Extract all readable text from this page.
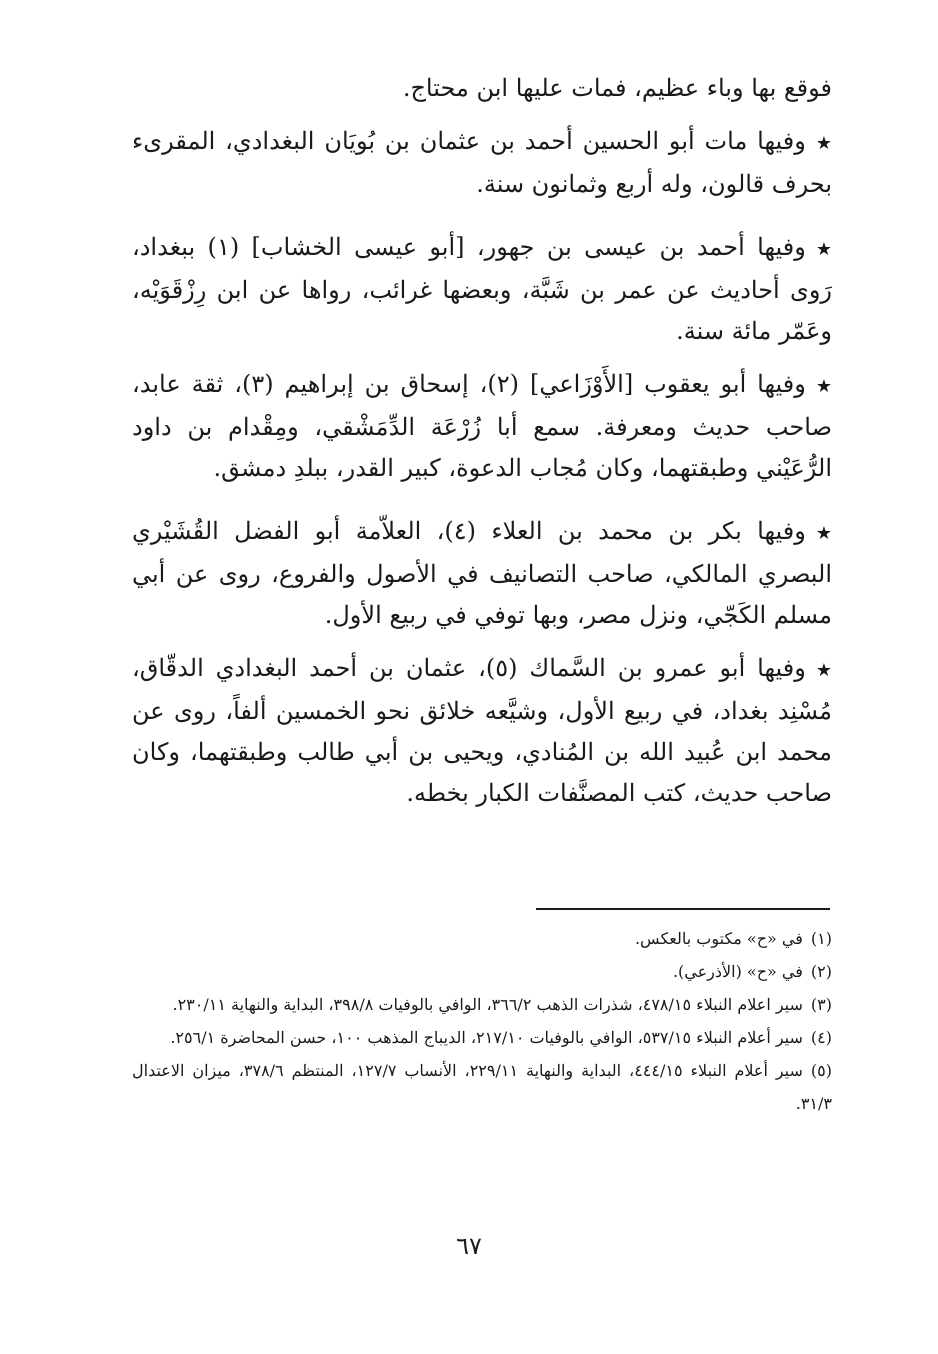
فوقع بها وباء عظيم، فمات عليها ابن محتاج.

★وفيها مات أبو الحسين أحمد بن عثمان بن بُويَان البغدادي، المقرىء بحرف قالون، وله أربع وثمانون سنة.

★وفيها أحمد بن عيسى بن جهور، [أبو عيسى الخشاب] (١) ببغداد، رَوى أحاديث عن عمر بن شَبَّة، وبعضها غرائب، رواها عن ابن رِزْقَوَيْه، وعَمّر مائة سنة.

★وفيها أبو يعقوب [الأَوْزَاعي] (٢)، إسحاق بن إبراهيم (٣)، ثقة عابد، صاحب حديث ومعرفة. سمع أبا زُرْعَة الدِّمَشْقي، ومِقْدام بن داود الرُّعَيْني وطبقتهما، وكان مُجاب الدعوة، كبير القدر، ببلدِ دمشق.

★وفيها بكر بن محمد بن العلاء (٤)، العلاّمة أبو الفضل القُشَيْري البصري المالكي، صاحب التصانيف في الأصول والفروع، روى عن أبي مسلم الكَجّي، ونزل مصر، وبها توفي في ربيع الأول.

★وفيها أبو عمرو بن السَّماك (٥)، عثمان بن أحمد البغدادي الدقّاق، مُسْنِد بغداد، في ربيع الأول، وشيَّعه خلائق نحو الخمسين ألفاً، روى عن محمد ابن عُبيد الله بن المُنادي، ويحيى بن أبي طالب وطبقتهما، وكان صاحب حديث، كتب المصنَّفات الكبار بخطه.

(١)في «ح» مكتوب بالعكس.

(٢)في «ح» (الأذرعي).

(٣)سير اعلام النبلاء ٤٧٨/١٥، شذرات الذهب ٣٦٦/٢، الوافي بالوفيات ٣٩٨/٨، البداية والنهاية ٢٣٠/١١.

(٤)سير أعلام النبلاء ٥٣٧/١٥، الوافي بالوفيات ٢١٧/١٠، الديباج المذهب ١٠٠، حسن المحاضرة ٢٥٦/١.

(٥)سير أعلام النبلاء ٤٤٤/١٥، البداية والنهاية ٢٢٩/١١، الأنساب ١٢٧/٧، المنتظم ٣٧٨/٦، ميزان الاعتدال ٣١/٣.

٦٧
